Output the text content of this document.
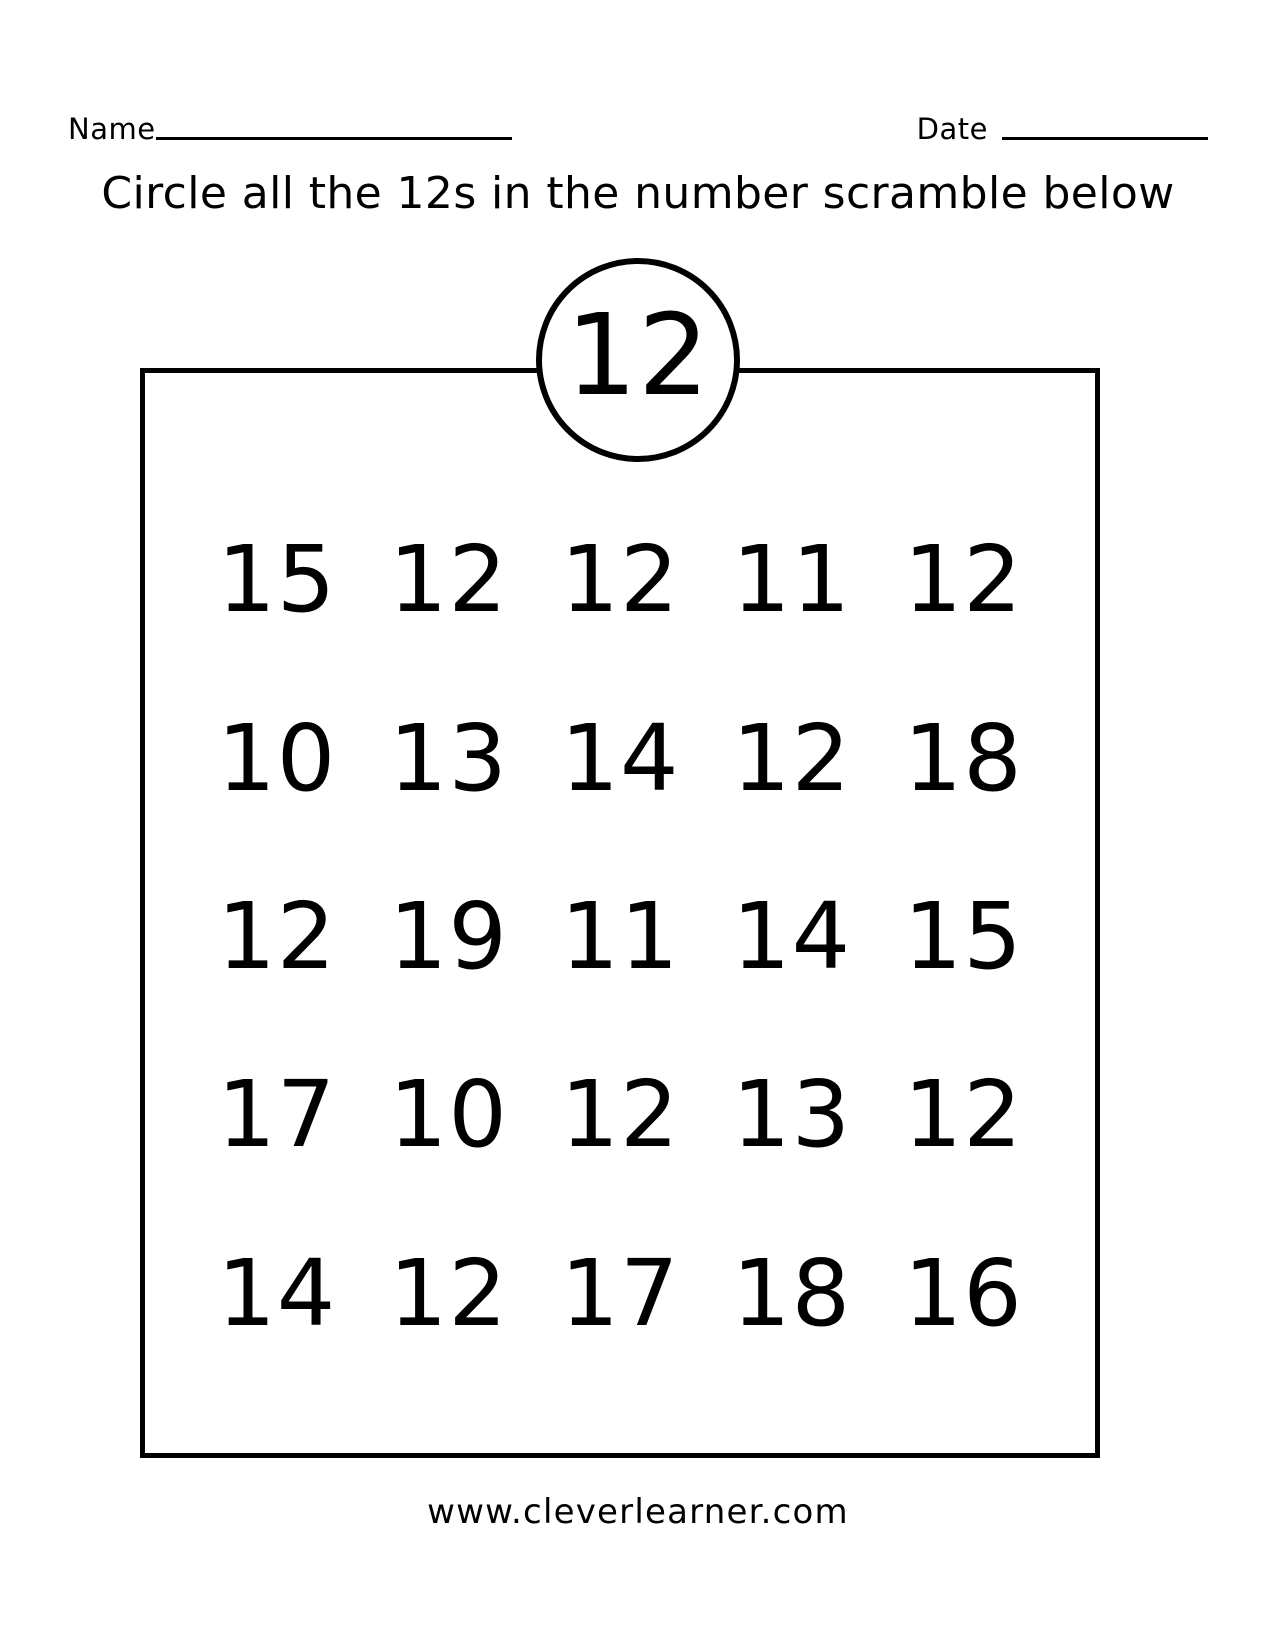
Name	Date
Circle all the 12s in the number scramble below
12
15 12 12 11 12
10 13 14 12 18
12 19 11 14 15
17 10 12 13 12
14 12 17 18 16
www.cleverlearner.com
